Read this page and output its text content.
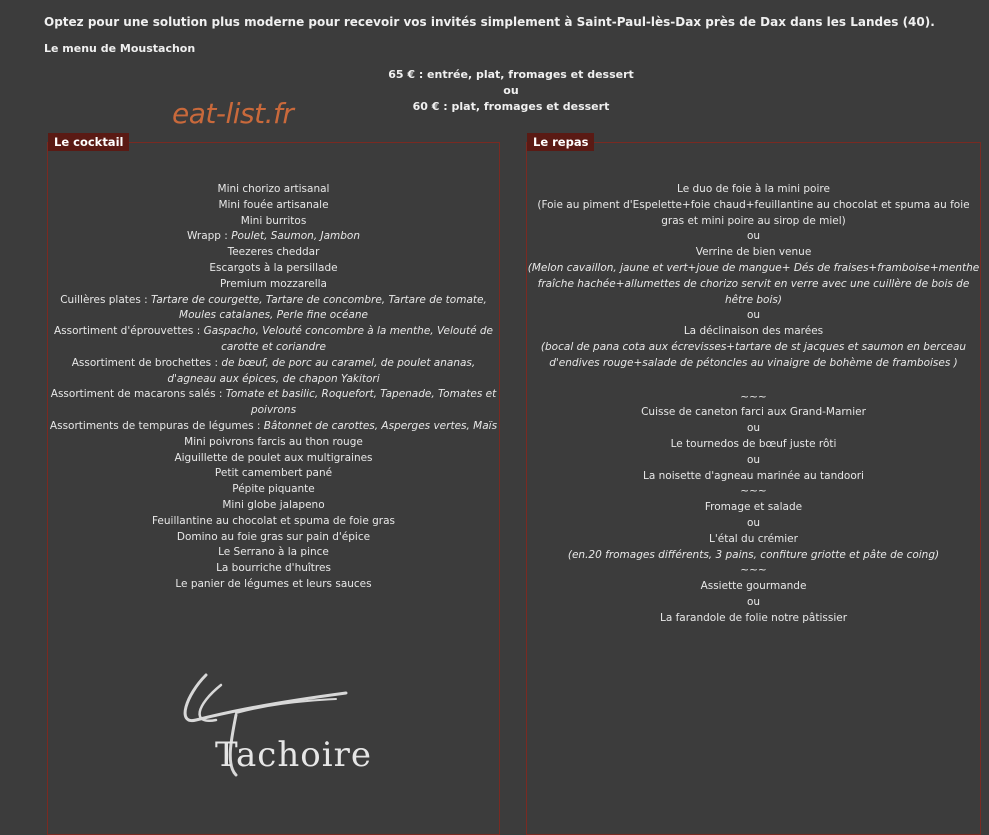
Optez pour une solution plus moderne pour recevoir vos invités simplement à Saint-Paul-lès-Dax près de Dax dans les Landes (40).
Le menu de Moustachon
65 € : entrée, plat, fromages et dessert
ou
60 € : plat, fromages et dessert
eat-list.fr
Le cocktail
Mini chorizo artisanal
Mini fouée artisanale
Mini burritos
Wrapp : Poulet, Saumon, Jambon
Teezeres cheddar
Escargots à la persillade
Premium mozzarella
Cuillères plates : Tartare de courgette, Tartare de concombre, Tartare de tomate, Moules catalanes, Perle fine océane
Assortiment d'éprouvettes : Gaspacho, Velouté concombre à la menthe, Velouté de carotte et coriandre
Assortiment de brochettes : de bœuf, de porc au caramel, de poulet ananas, d'agneau aux épices, de chapon Yakitori
Assortiment de macarons salés : Tomate et basilic, Roquefort, Tapenade, Tomates et poivrons
Assortiments de tempuras de légumes : Bâtonnet de carottes, Asperges vertes, Maïs
Mini poivrons farcis au thon rouge
Aiguillette de poulet aux multigraines
Petit camembert pané
Pépite piquante
Mini globe jalapeno
Feuillantine au chocolat et spuma de foie gras
Domino au foie gras sur pain d'épice
Le Serrano à la pince
La bourriche d'huîtres
Le panier de légumes et leurs sauces
Le repas
Le duo de foie à la mini poire
(Foie au piment d'Espelette+foie chaud+feuillantine au chocolat et spuma au foie gras et mini poire au sirop de miel)
ou
Verrine de bien venue
(Melon cavaillon, jaune et vert+joue de mangue+ Dés de fraises+framboise+menthe fraîche hachée+allumettes de chorizo servit en verre avec une cuillère de bois de hêtre bois)
ou
La déclinaison des marées
(bocal de pana cota aux écrevisses+tartare de st jacques et saumon en berceau d'endives rouge+salade de pétoncles au vinaigre de bohème de framboises )
~~~
Cuisse de caneton farci aux Grand-Marnier
ou
Le tournedos de bœuf juste rôti
ou
La noisette d'agneau marinée au tandoori
~~~
Fromage et salade
ou
L'étal du crémier
(en.20 fromages différents, 3 pains, confiture griotte et pâte de coing)
~~~
Assiette gourmande
ou
La farandole de folie notre pâtissier
Tachoire
